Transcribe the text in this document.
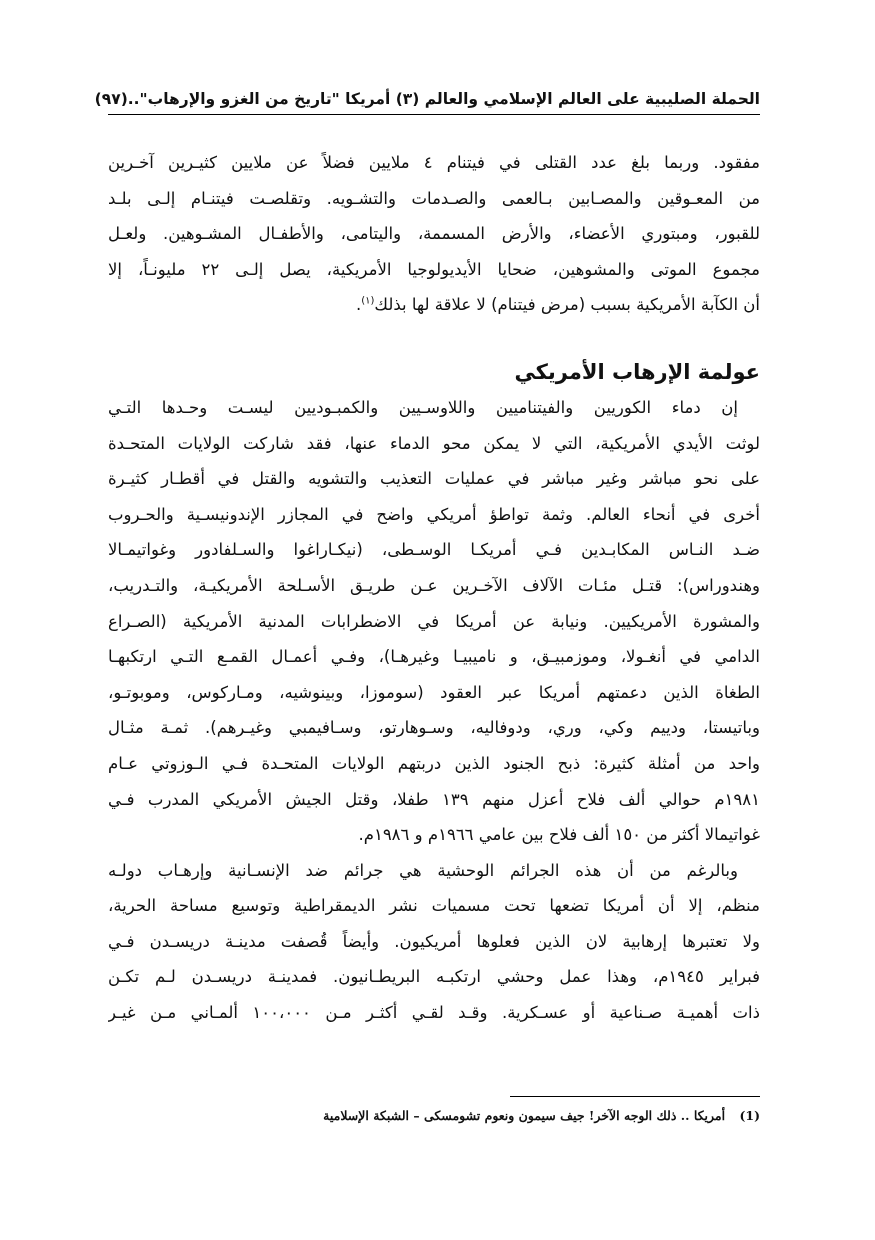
الحملة الصليبية على العالم الإسلامي والعالم (٣) أمريكا "تاريخ من الغزو والإرهاب"..
(٩٧)

مفقود. وربما بلغ عدد القتلى في فيتنام ٤ ملايين فضلاً عن ملايين كثيـرين آخـرين
من المعـوقين والمصـابين بـالعمى والصـدمات والتشـويه. وتقلصـت فيتنـام إلـى بلـد
للقبور، ومبتوري الأعضاء، والأرض المسممة، واليتامى، والأطفـال المشـوهين. ولعـل
مجموع الموتى والمشوهين، ضحايا الأيديولوجيا الأمريكية، يصل إلـى ٢٢ مليونـاً، إلا
أن الكآبة الأمريكية بسبب (مرض فيتنام) لا علاقة لها بذلك$^{(١)}$.

عولمة الإرهاب الأمريكي

إن دماء الكوريين والفيتناميين واللاوسـيين والكمبـوديين ليسـت وحـدها التـي
لوثت الأيدي الأمريكية، التي لا يمكن محو الدماء عنها، فقد شاركت الولايات المتحـدة
على نحو مباشر وغير مباشر في عمليات التعذيب والتشويه والقتل في أقطـار كثيـرة
أخرى في أنحاء العالم. وثمة تواطؤ أمريكي واضح في المجازر الإندونيسـية والحـروب
ضـد النـاس المكابـدين فـي أمريكـا الوسـطى، (نيكـاراغوا والسـلفادور وغواتيمـالا
وهندوراس): قتـل مئـات الآلاف الآخـرين عـن طريـق الأسـلحة الأمريكيـة، والتـدريب،
والمشورة الأمريكيين. ونيابة عن أمريكا في الاضطرابات المدنية الأمريكية (الصـراع
الدامي في أنغـولا، وموزمبيـق، و ناميبيـا وغيرهـا)، وفـي أعمـال القمـع التـي ارتكبهـا
الطغاة الذين دعمتهم أمريكا عبر العقود (سوموزا، وبينوشيه، ومـاركوس، وموبوتـو،
وباتيستا، ودييم وكي، وري، ودوفاليه، وسـوهارتو، وسـافيمبي وغيـرهم). ثمـة مثـال
واحد من أمثلة كثيرة: ذبح الجنود الذين دربتهم الولايات المتحـدة فـي الـوزوتي عـام
١٩٨١م حوالي ألف فلاح أعزل منهم ١٣٩ طفلا، وقتل الجيش الأمريكي المدرب فـي
غواتيمالا أكثر من ١٥٠ ألف فلاح بين عامي ١٩٦٦م و ١٩٨٦م.

وبالرغم من أن هذه الجرائم الوحشية هي جرائم ضد الإنسـانية وإرهـاب دولـه
منظم، إلا أن أمريكا تضعها تحت مسميات نشر الديمقراطية وتوسيع مساحة الحرية،
ولا تعتبرها إرهابية لان الذين فعلوها أمريكيون. وأيضاً قُصفت مدينـة دريسـدن فـي
فبراير ١٩٤٥م، وهذا عمل وحشي ارتكبـه البريطـانيون. فمدينـة دريسـدن لـم تكـن
ذات أهميـة صـناعية أو عسـكرية. وقـد لقـي أكثـر مـن ١٠٠،٠٠٠ ألمـاني مـن غيـر

(1) أمريكا .. ذلك الوجه الآخر! جيف سيمون ونعوم تشومسكى – الشبكة الإسلامية
